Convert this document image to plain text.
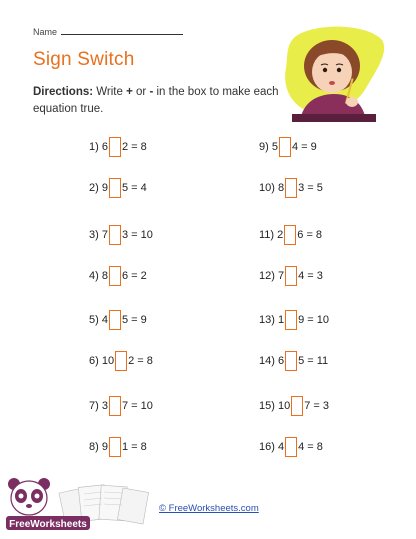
Name
Sign Switch
Directions: Write + or - in the box to make each equation true.
1) 6 2 = 8
2) 9 5 = 4
3) 7 3 = 10
4) 8 6 = 2
5) 4 5 = 9
6) 10 2 = 8
7) 3 7 = 10
8) 9 1 = 8
9) 5 4 = 9
10) 8 3 = 5
11) 2 6 = 8
12) 7 4 = 3
13) 1 9 = 10
14) 6 5 = 11
15) 10 7 = 3
16) 4 4 = 8
FreeWorksheets
© FreeWorksheets.com
